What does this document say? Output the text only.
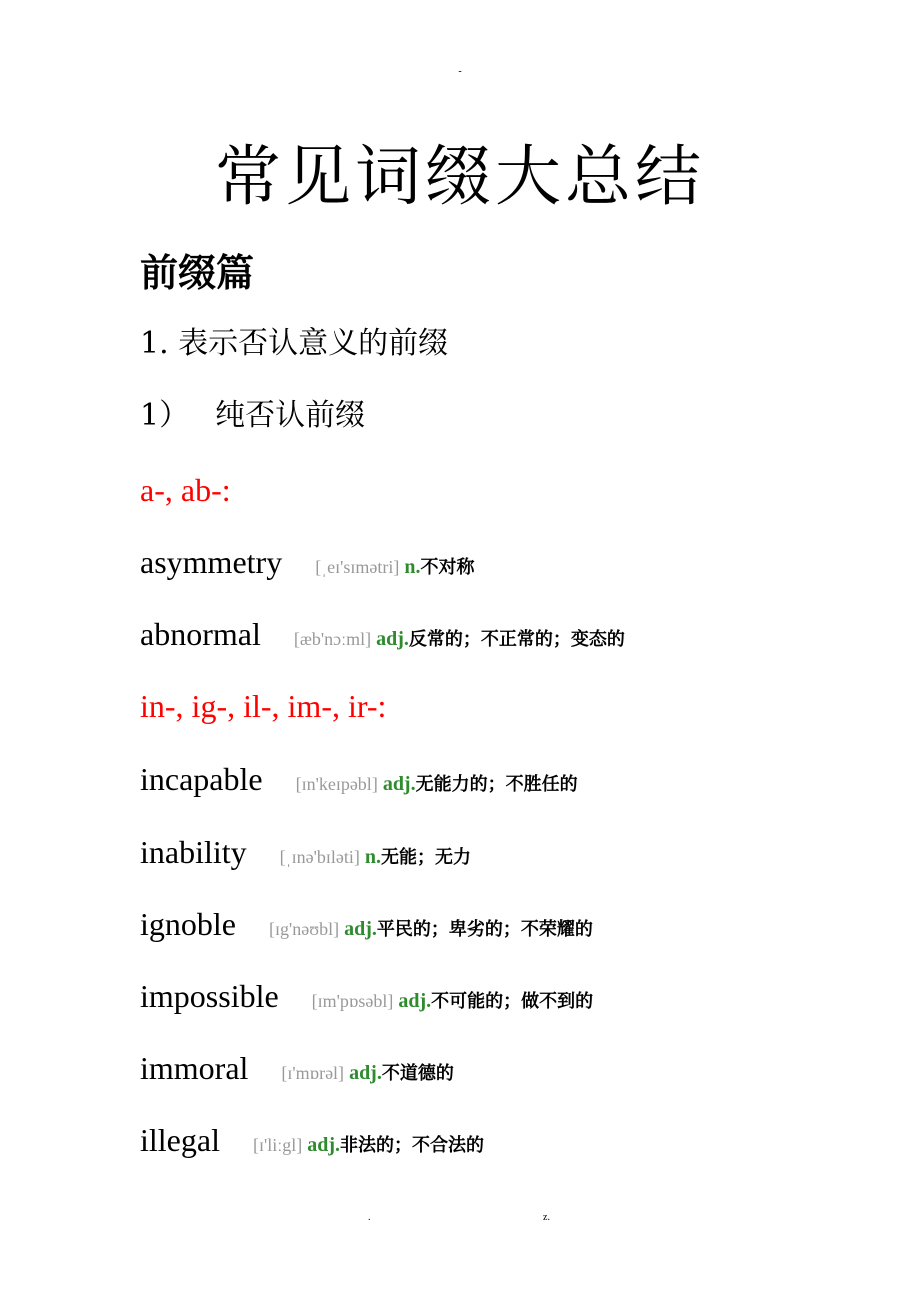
-
常见词缀大总结
前缀篇
1. 表示否认意义的前缀
1） 纯否认前缀
a-, ab-:
asymmetry [ˌeɪ'sɪmətri] n. 不对称
abnormal [æb'nɔːml] adj. 反常的；不正常的；变态的
in-, ig-, il-, im-, ir-:
incapable [ɪn'keɪpəbl] adj. 无能力的；不胜任的
inability [ˌɪnə'bɪləti] n. 无能；无力
ignoble [ɪg'nəʊbl] adj. 平民的；卑劣的；不荣耀的
impossible [ɪm'pɒsəbl] adj. 不可能的；做不到的
immoral [ɪ'mɒrəl] adj. 不道德的
illegal [ɪ'liːgl] adj. 非法的；不合法的
.	z.
